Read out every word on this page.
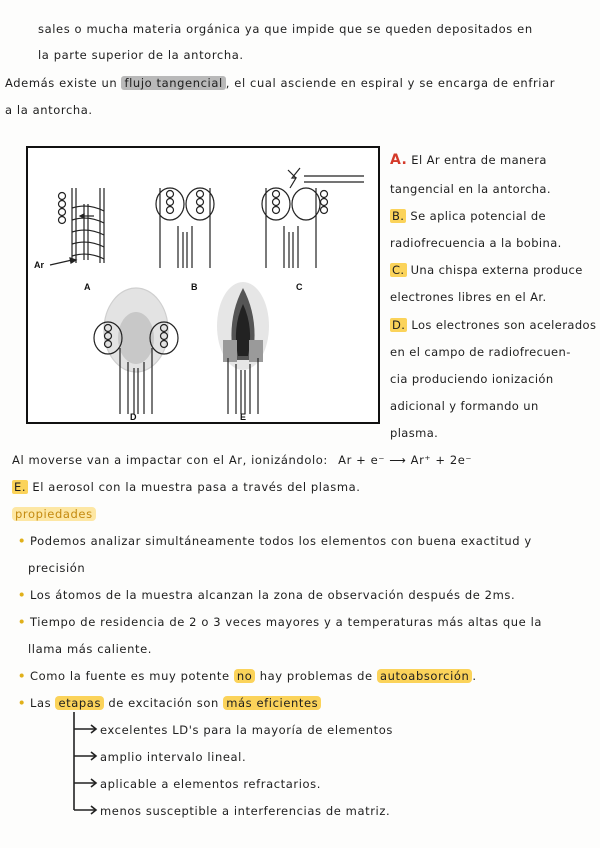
sales o mucha materia orgánica ya que impide que se queden depositados en
la parte superior de la antorcha.
Además existe un flujo tangencial , el cual asciende en espiral y se encarga de enfriar
a la antorcha.
Ar
A	B	C
D	E
A. El Ar entra de manera
tangencial en la antorcha.
B. Se aplica potencial de
radiofrecuencia a la bobina.
C. Una chispa externa produce
electrones libres en el Ar.
D. Los electrones son acelerados
en el campo de radiofrecuen-
cia produciendo ionización
adicional y formando un
plasma.
Al moverse van a impactar con el Ar, ionizándolo: Ar + e⁻ ⟶ Ar⁺ + 2e⁻
E. El aerosol con la muestra pasa a través del plasma.
propiedades
• Podemos analizar simultáneamente todos los elementos con buena exactitud y
precisión
• Los átomos de la muestra alcanzan la zona de observación después de 2ms.
• Tiempo de residencia de 2 o 3 veces mayores y a temperaturas más altas que la
llama más caliente.
• Como la fuente es muy potente no hay problemas de autoabsorción .
• Las etapas de excitación son más eficientes
excelentes LD's para la mayoría de elementos
amplio intervalo lineal.
aplicable a elementos refractarios.
menos susceptible a interferencias de matriz.
